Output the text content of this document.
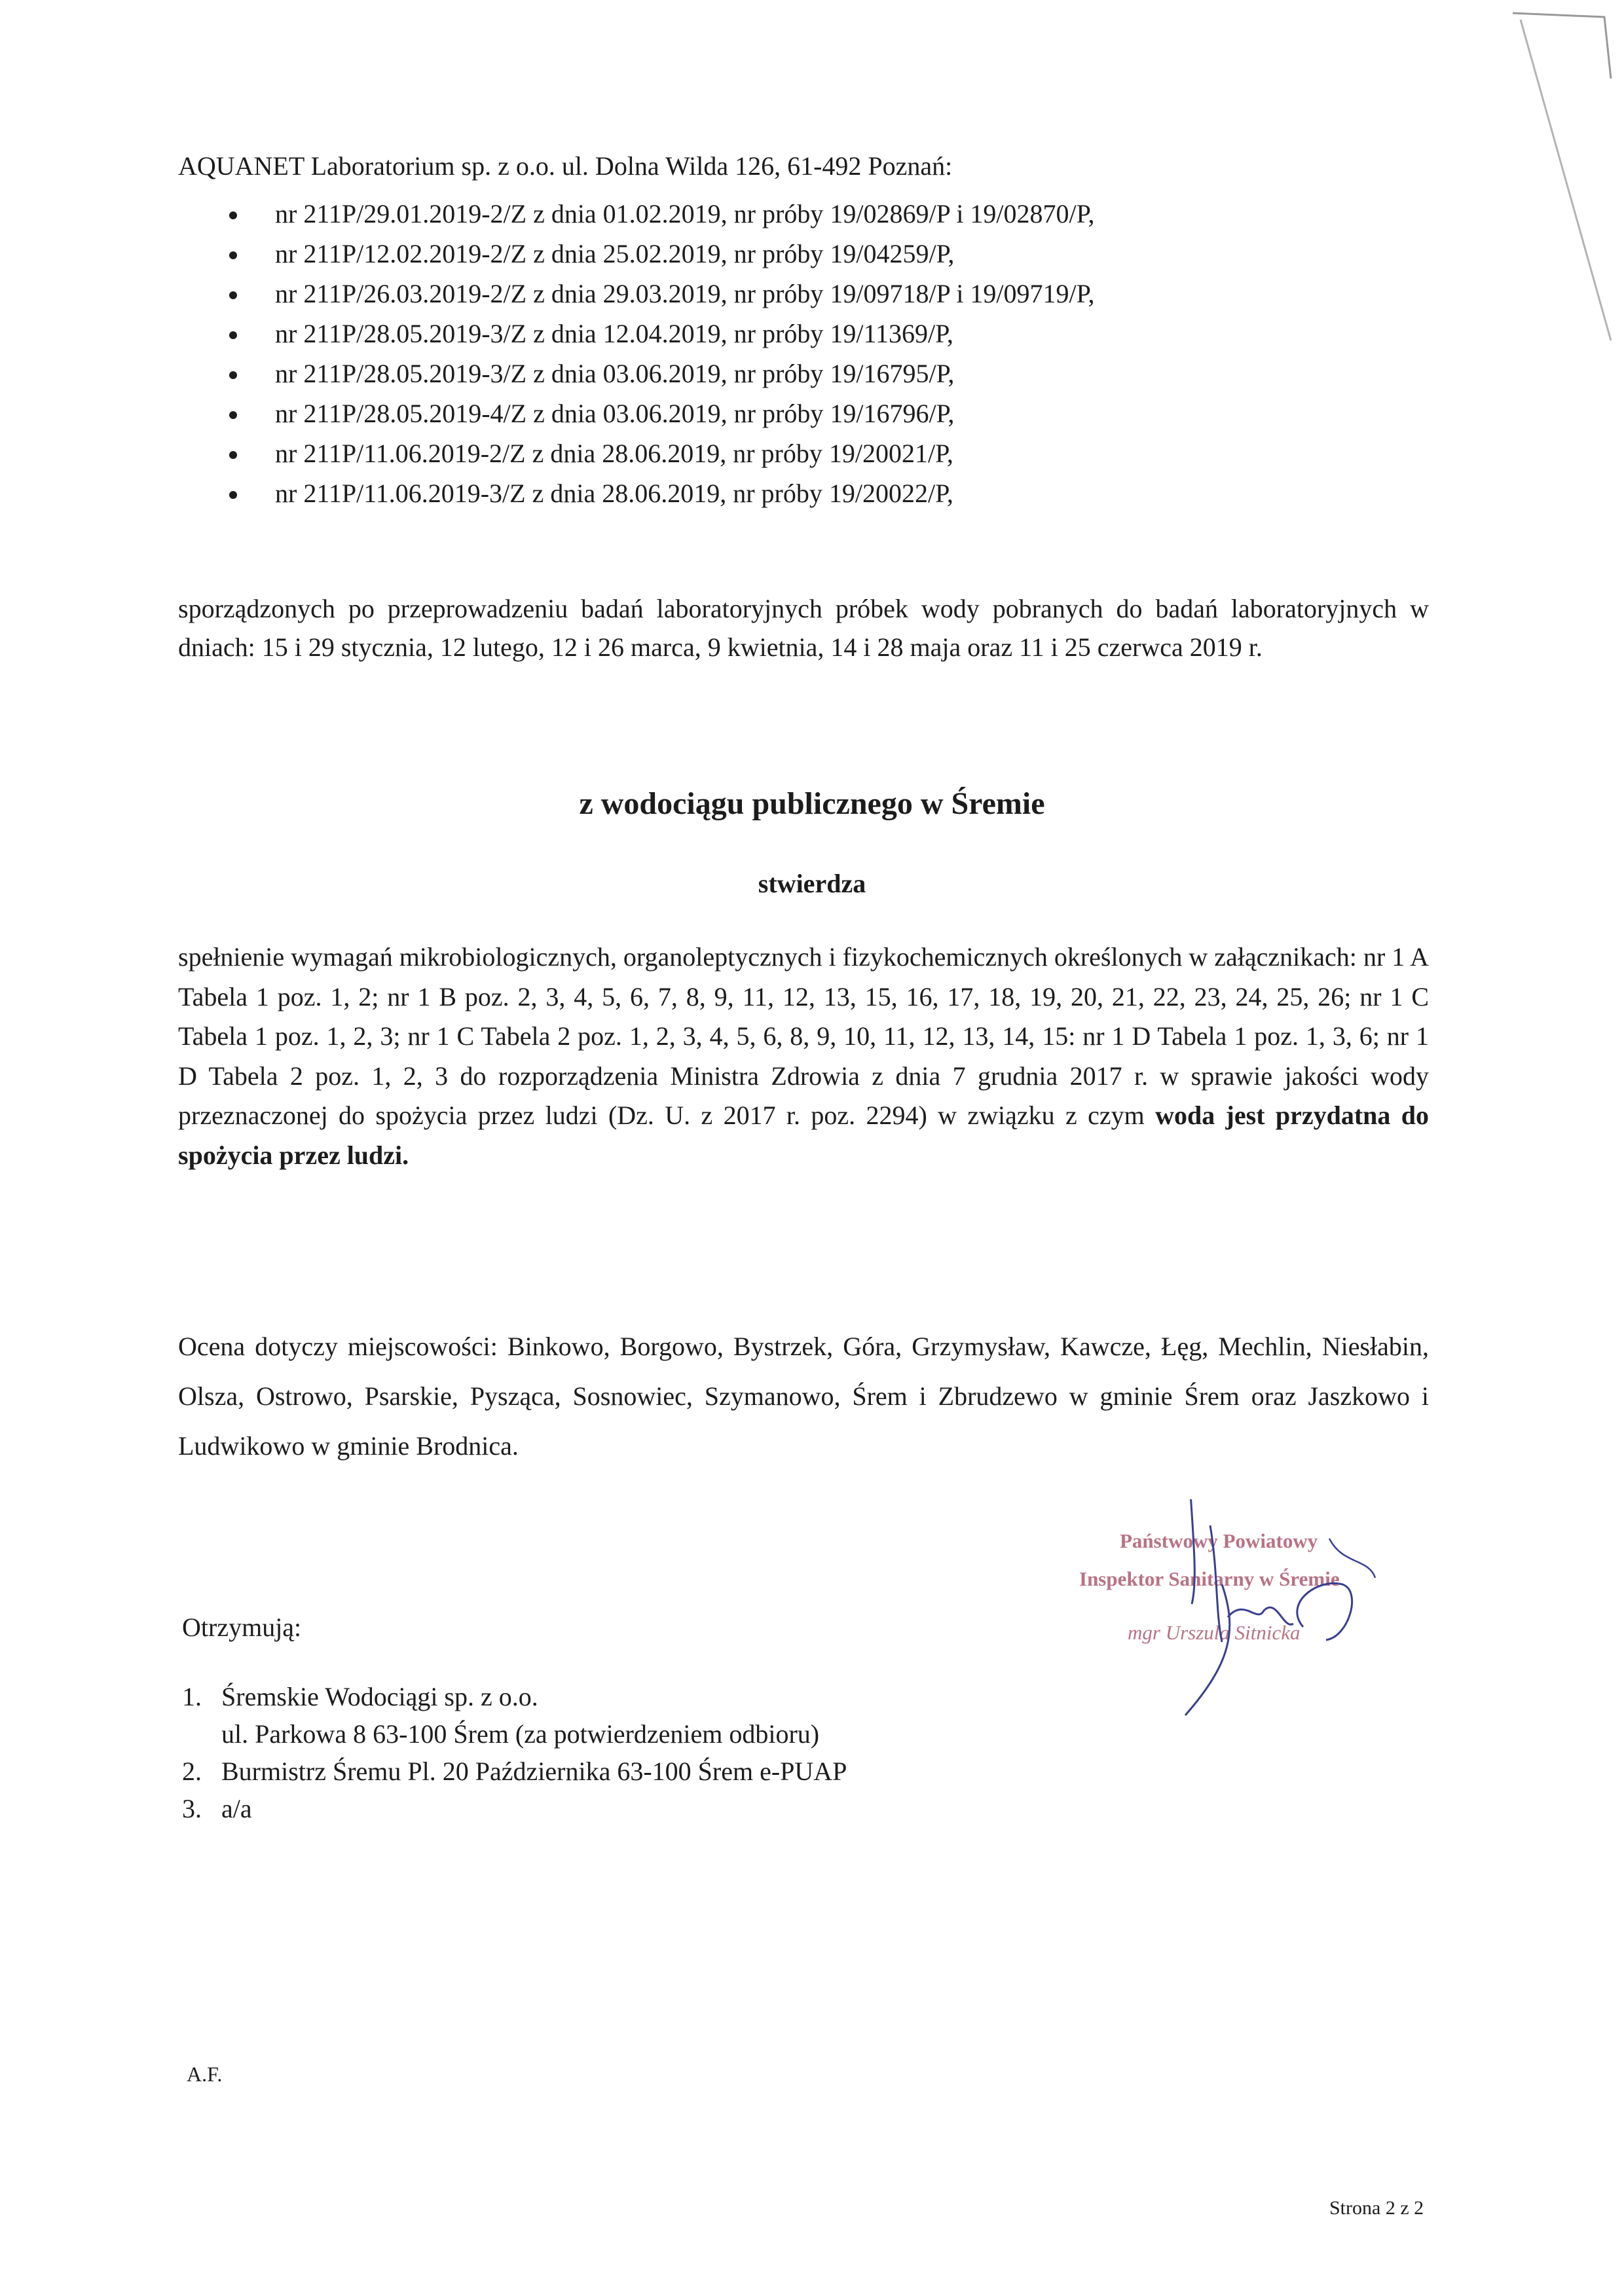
AQUANET Laboratorium sp. z o.o. ul. Dolna Wilda 126, 61-492 Poznań:
nr 211P/29.01.2019-2/Z z dnia 01.02.2019, nr próby 19/02869/P i 19/02870/P,
nr 211P/12.02.2019-2/Z z dnia 25.02.2019, nr próby 19/04259/P,
nr 211P/26.03.2019-2/Z z dnia 29.03.2019, nr próby 19/09718/P i 19/09719/P,
nr 211P/28.05.2019-3/Z z dnia 12.04.2019, nr próby 19/11369/P,
nr 211P/28.05.2019-3/Z z dnia 03.06.2019, nr próby 19/16795/P,
nr 211P/28.05.2019-4/Z z dnia 03.06.2019, nr próby 19/16796/P,
nr 211P/11.06.2019-2/Z z dnia 28.06.2019, nr próby 19/20021/P,
nr 211P/11.06.2019-3/Z z dnia 28.06.2019, nr próby 19/20022/P,
sporządzonych po przeprowadzeniu badań laboratoryjnych próbek wody pobranych do badań laboratoryjnych w dniach: 15 i 29 stycznia, 12 lutego, 12 i 26 marca, 9 kwietnia, 14 i 28 maja oraz 11 i 25 czerwca 2019 r.
z wodociągu publicznego w Śremie
stwierdza
spełnienie wymagań mikrobiologicznych, organoleptycznych i fizykochemicznych określonych w załącznikach: nr 1 A Tabela 1 poz. 1, 2; nr 1 B poz. 2, 3, 4, 5, 6, 7, 8, 9, 11, 12, 13, 15, 16, 17, 18, 19, 20, 21, 22, 23, 24, 25, 26; nr 1 C Tabela 1 poz. 1, 2, 3; nr 1 C Tabela 2 poz. 1, 2, 3, 4, 5, 6, 8, 9, 10, 11, 12, 13, 14, 15: nr 1 D Tabela 1 poz. 1, 3, 6; nr 1 D Tabela 2 poz. 1, 2, 3 do rozporządzenia Ministra Zdrowia z dnia 7 grudnia 2017 r. w sprawie jakości wody przeznaczonej do spożycia przez ludzi (Dz. U. z 2017 r. poz. 2294) w związku z czym woda jest przydatna do spożycia przez ludzi.
Ocena dotyczy miejscowości: Binkowo, Borgowo, Bystrzek, Góra, Grzymysław, Kawcze, Łęg, Mechlin, Niesłabin, Olsza, Ostrowo, Psarskie, Pysząca, Sosnowiec, Szymanowo, Śrem i Zbrudzewo w gminie Śrem oraz Jaszkowo i Ludwikowo w gminie Brodnica.
Państwowy Powiatowy
Inspektor Sanitarny w Śremie
mgr Urszula Sitnicka
Otrzymują:
1. Śremskie Wodociągi sp. z o.o.
ul. Parkowa 8 63-100 Śrem (za potwierdzeniem odbioru)
2. Burmistrz Śremu Pl. 20 Października 63-100 Śrem e-PUAP
3. a/a
A.F.
Strona 2 z 2
